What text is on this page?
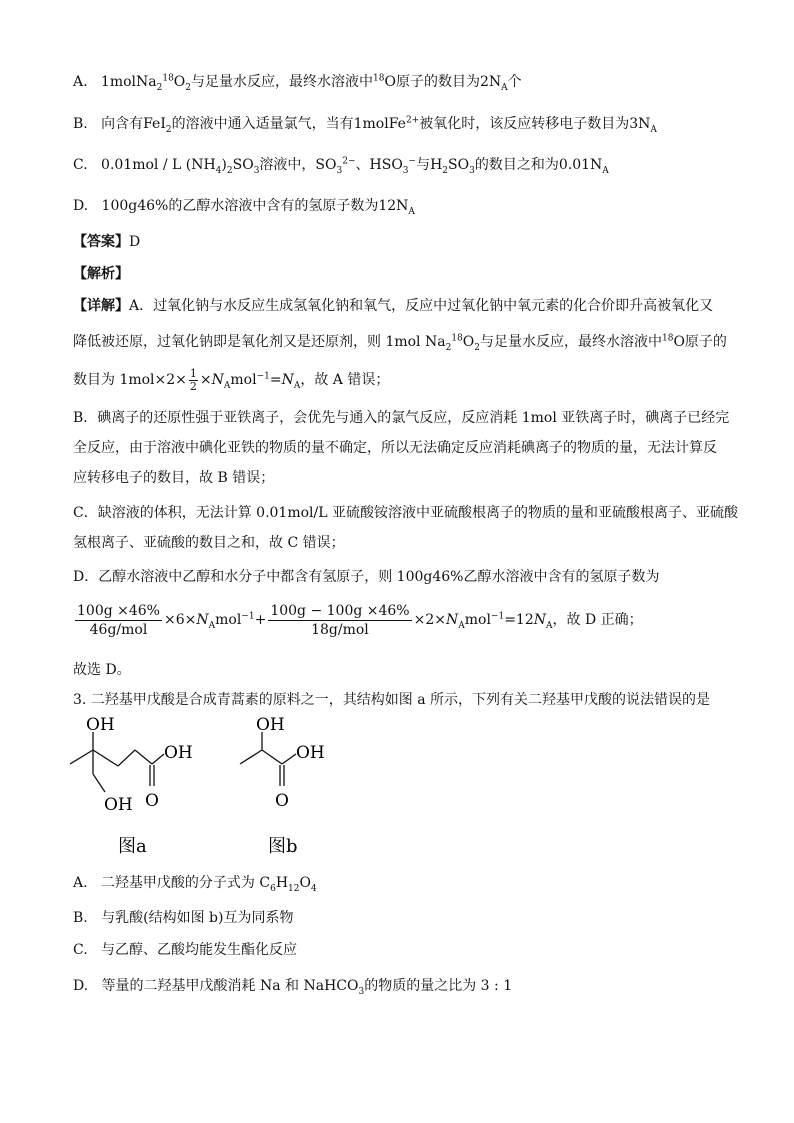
A. $1molNa_2^{18}O_2$与足量水反应，最终水溶液中$^{18}$O原子的数目为$2N_A$个
B. 向含有FeI$_2$的溶液中通入适量氯气，当有1molFe$^{2+}$被氧化时，该反应转移电子数目为$3N_A$
C. 0.01mol / L $(NH_4)_2SO_3$溶液中，$SO_3^{2-}$、$HSO_3^-$与$H_2SO_3$的数目之和为$0.01N_A$
D. 100g46%的乙醇水溶液中含有的氢原子数为$12N_A$
【答案】D
【解析】
【详解】A．过氧化钠与水反应生成氢氧化钠和氧气，反应中过氧化钠中氧元素的化合价即升高被氧化又
降低被还原，过氧化钠即是氧化剂又是还原剂，则 1mol $Na_2^{18}O_2$与足量水反应，最终水溶液中$^{18}$O原子的
数目为 $1mol\times 2\times \frac{1}{2} \times N_Amol^{-1}=N_A$，故 A 错误；
B．碘离子的还原性强于亚铁离子，会优先与通入的氯气反应，反应消耗 1mol 亚铁离子时，碘离子已经完
全反应，由于溶液中碘化亚铁的物质的量不确定，所以无法确定反应消耗碘离子的物质的量，无法计算反
应转移电子的数目，故 B 错误；
C．缺溶液的体积，无法计算 0.01mol/L 亚硫酸铵溶液中亚硫酸根离子的物质的量和亚硫酸根离子、亚硫酸
氢根离子、亚硫酸的数目之和，故 C 错误；
D．乙醇水溶液中乙醇和水分子中都含有氢原子，则 100g46%乙醇水溶液中含有的氢原子数为
$\frac{100g \times 46\%}{\text{46g/mol}} \times 6\times N_Amol^{-1}+ \frac{100g - 100g \times 46\%}{\text{18g/mol}} \times 2\times N_Amol^{-1}=12N_A$，故 D 正确；
故选 D。
3. 二羟基甲戊酸是合成青蒿素的原料之一，其结构如图 a 所示，下列有关二羟基甲戊酸的说法错误的是
OH
OH
OH O
图a
OH
OH
O
图b
A. 二羟基甲戊酸的分子式为 $C_6H_{12}O_4$
B. 与乳酸(结构如图 b)互为同系物
C. 与乙醇、乙酸均能发生酯化反应
D. 等量的二羟基甲戊酸消耗 Na 和 NaHCO$_3$的物质的量之比为 3 : 1
